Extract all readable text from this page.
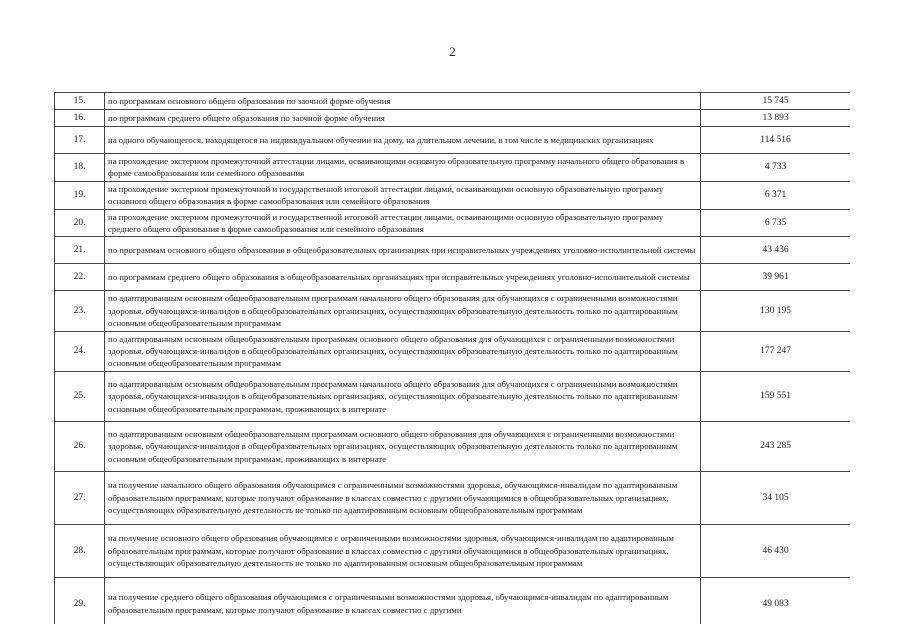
2
15.	по программам основного общего образования по заочной форме обучения	15 745
16.	по программам среднего общего образования по заочной форме обучения	13 893
17.	на одного обучающегося, находящегося на индивидуальном обучении на дому, на длительном лечении, в том числе в медицинских организациях	114 516
18.	на прохождение экстерном промежуточной аттестации лицами, осваивающими основную образовательную программу начального общего образования в форме самообразования или семейного образования	4 733
19.	на прохождение экстерном промежуточной и государственной итоговой аттестации лицами, осваивающими основную образовательную программу основного общего образования в форме самообразования или семейного образования	6 371
20.	на прохождение экстерном промежуточной и государственной итоговой аттестации лицами, осваивающими основную образовательную программу среднего общего образования в форме самообразования или семейного образования	6 735
21.	по программам основного общего образования в общеобразовательных организациях при исправительных учреждениях уголовно-исполнительной системы	43 436
22.	по программам среднего общего образования в общеобразовательных организациях при исправительных учреждениях уголовно-исполнительной системы	39 961
23.	по адаптированным основным общеобразовательным программам начального общего образования для обучающихся с ограниченными возможностями здоровья, обучающихся-инвалидов в общеобразовательных организациях, осуществляющих образовательную деятельность только по адаптированным основным общеобразовательным программам	130 195
24.	по адаптированным основным общеобразовательным программам основного общего образования для обучающихся с ограниченными возможностями здоровья, обучающихся-инвалидов в общеобразовательных организациях, осуществляющих образовательную деятельность только по адаптированным основным общеобразовательным программам	177 247
25.	по адаптированным основным общеобразовательным программам начального общего образования для обучающихся с ограниченными возможностями здоровья, обучающихся-инвалидов в общеобразовательных организациях, осуществляющих образовательную деятельность только по адаптированным основным общеобразовательным программам, проживающих в интернате	159 551
26.	по адаптированным основным общеобразовательным программам основного общего образования для обучающихся с ограниченными возможностями здоровья, обучающихся-инвалидов в общеобразовательных организациях, осуществляющих образовательную деятельность только по адаптированным основным общеобразовательным программам, проживающих в интернате	243 285
27.	на получение начального общего образования обучающимся с ограниченными возможностями здоровья, обучающимся-инвалидам по адаптированным образовательным программам, которые получают образование в классах совместно с другими обучающимися в общеобразовательных организациях, осуществляющих образовательную деятельность не только по адаптированным основным общеобразовательным программам	34 105
28.	на получение основного общего образования обучающимся с ограниченными возможностями здоровья, обучающимся-инвалидам по адаптированным образовательным программам, которые получают образование в классах совместно с другими обучающимися в общеобразовательных организациях, осуществляющих образовательную деятельность не только по адаптированным основным общеобразовательным программам	46 430
29.	на получение среднего общего образования обучающимся с ограниченными возможностями здоровья, обучающимся-инвалидам по адаптированным образовательным программам, которые получают образование в классах совместно с другими	49 083
